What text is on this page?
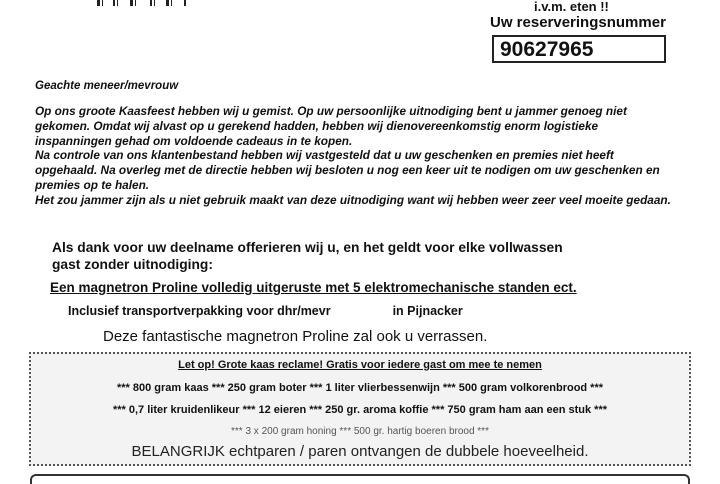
i.v.m. eten !!
Uw reserveringsnummer
90627965
Geachte meneer/mevrouw

Op ons groote Kaasfeest hebben wij u gemist. Op uw persoonlijke uitnodiging bent u jammer genoeg niet gekomen. Omdat wij alvast op u gerekend hadden, hebben wij dienovereenkomstig enorm logistieke inspanningen gehad om voldoende cadeaus in te kopen.

Na controle van ons klantenbestand hebben wij vastgesteld dat u uw geschenken en premies niet heeft opgehaald. Na overleg met de directie hebben wij besloten u nog een keer uit te nodigen om uw geschenken en premies op te halen.

Het zou jammer zijn als u niet gebruik maakt van deze uitnodiging want wij hebben weer zeer veel moeite gedaan.

Als dank voor uw deelname offerieren wij u, en het geldt voor elke vollwassen

gast zonder uitnodiging:

Een magnetron Proline volledig uitgeruste met 5 elektromechanische standen ect.
Inclusief transportverpakking voor dhr/mevr	in Pijnacker
Deze fantastische magnetron Proline zal ook u verrassen.
Let op! Grote kaas reclame! Gratis voor iedere gast om mee te nemen
*** 800 gram kaas *** 250 gram boter *** 1 liter vlierbessenwijn *** 500 gram volkorenbrood ***
*** 0,7 liter kruidenlikeur *** 12 eieren *** 250 gr. aroma koffie *** 750 gram ham aan een stuk ***
*** 3 x 200 gram honing *** 500 gr. hartig boeren brood ***
BELANGRIJK echtparen / paren ontvangen de dubbele hoeveelheid.
